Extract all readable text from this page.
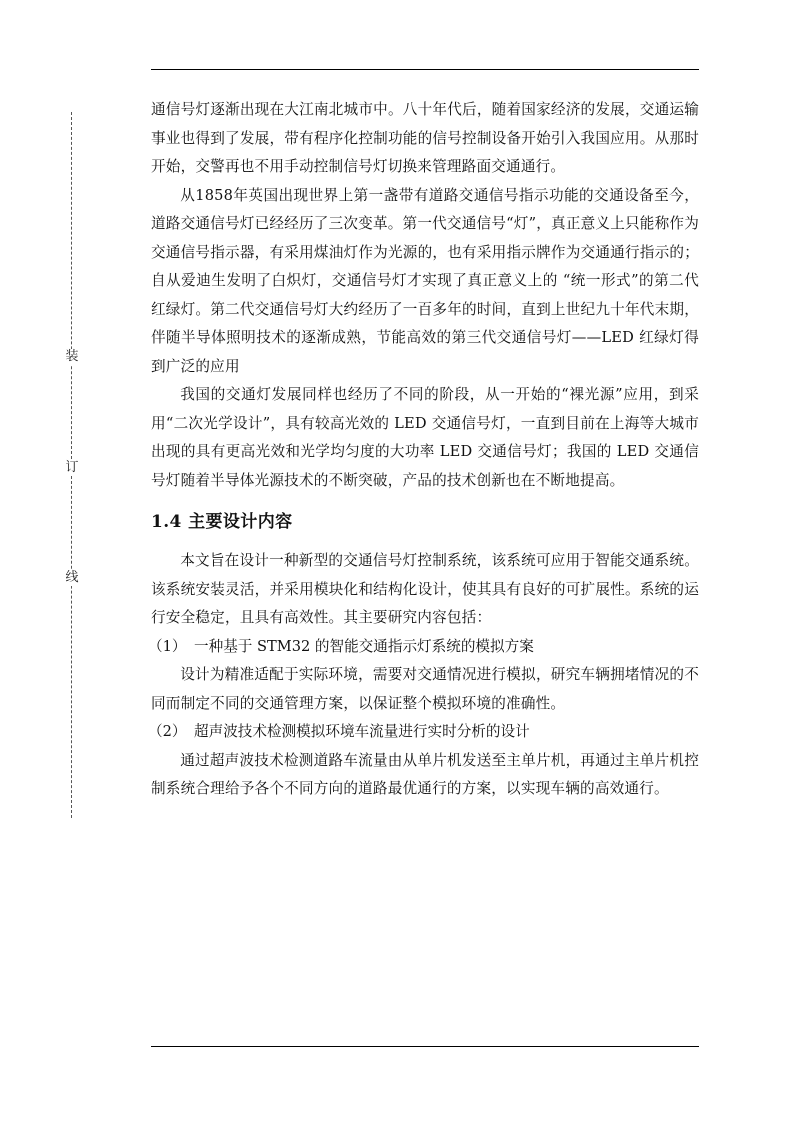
装
订
线

通信号灯逐渐出现在大江南北城市中。八十年代后，随着国家经济的发展，交通运输事业也得到了发展，带有程序化控制功能的信号控制设备开始引入我国应用。从那时开始，交警再也不用手动控制信号灯切换来管理路面交通通行。

从1858年英国出现世界上第一盏带有道路交通信号指示功能的交通设备至今，道路交通信号灯已经经历了三次变革。第一代交通信号“灯”，真正意义上只能称作为交通信号指示器，有采用煤油灯作为光源的，也有采用指示牌作为交通通行指示的；自从爱迪生发明了白炽灯，交通信号灯才实现了真正意义上的 “统一形式”的第二代红绿灯。第二代交通信号灯大约经历了一百多年的时间，直到上世纪九十年代末期，伴随半导体照明技术的逐渐成熟，节能高效的第三代交通信号灯——LED 红绿灯得到广泛的应用

我国的交通灯发展同样也经历了不同的阶段，从一开始的“裸光源”应用，到采用“二次光学设计”，具有较高光效的 LED 交通信号灯，一直到目前在上海等大城市出现的具有更高光效和光学均匀度的大功率 LED 交通信号灯；我国的 LED 交通信号灯随着半导体光源技术的不断突破，产品的技术创新也在不断地提高。

1.4 主要设计内容

本文旨在设计一种新型的交通信号灯控制系统，该系统可应用于智能交通系统。该系统安装灵活，并采用模块化和结构化设计，使其具有良好的可扩展性。系统的运行安全稳定，且具有高效性。其主要研究内容包括：

（1） 一种基于 STM32 的智能交通指示灯系统的模拟方案

设计为精准适配于实际环境，需要对交通情况进行模拟，研究车辆拥堵情况的不同而制定不同的交通管理方案，以保证整个模拟环境的准确性。

（2） 超声波技术检测模拟环境车流量进行实时分析的设计

通过超声波技术检测道路车流量由从单片机发送至主单片机，再通过主单片机控制系统合理给予各个不同方向的道路最优通行的方案，以实现车辆的高效通行。
